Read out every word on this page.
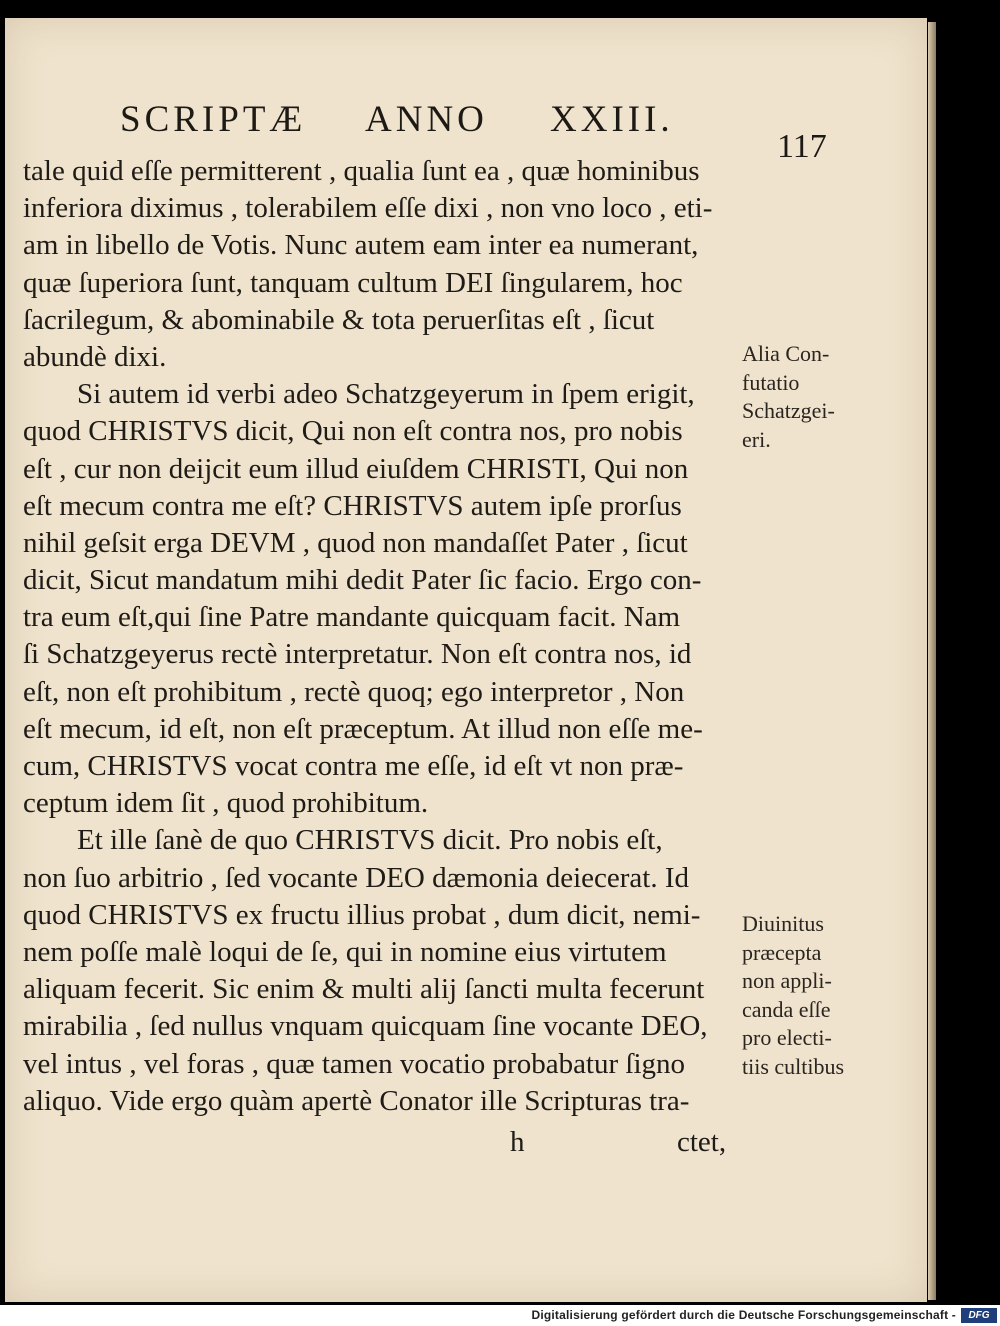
SCRIPTÆ ANNO XXIII.
117
tale quid eſſe permitterent , qualia ſunt ea , quæ hominibus
inferiora diximus , tolerabilem eſſe dixi , non vno loco , eti-
am in libello de Votis. Nunc autem eam inter ea numerant,
quæ ſuperiora ſunt, tanquam cultum DEI ſingularem, hoc
ſacrilegum, & abominabile & tota peruerſitas eſt , ſicut
abundè dixi.
Si autem id verbi adeo Schatzgeyerum in ſpem erigit,
quod CHRISTVS dicit, Qui non eſt contra nos, pro nobis
eſt , cur non deijcit eum illud eiuſdem CHRISTI, Qui non
eſt mecum contra me eſt? CHRISTVS autem ipſe prorſus
nihil geſsit erga DEVM , quod non mandaſſet Pater , ſicut
dicit, Sicut mandatum mihi dedit Pater ſic facio. Ergo con-
tra eum eſt,qui ſine Patre mandante quicquam facit. Nam
ſi Schatzgeyerus rectè interpretatur. Non eſt contra nos, id
eſt, non eſt prohibitum , rectè quoq; ego interpretor , Non
eſt mecum, id eſt, non eſt præceptum. At illud non eſſe me-
cum, CHRISTVS vocat contra me eſſe, id eſt vt non præ-
ceptum idem ſit , quod prohibitum.
Et ille ſanè de quo CHRISTVS dicit. Pro nobis eſt,
non ſuo arbitrio , ſed vocante DEO dæmonia deiecerat. Id
quod CHRISTVS ex fructu illius probat , dum dicit, nemi-
nem poſſe malè loqui de ſe, qui in nomine eius virtutem
aliquam fecerit. Sic enim & multi alij ſancti multa fecerunt
mirabilia , ſed nullus vnquam quicquam ſine vocante DEO,
vel intus , vel foras , quæ tamen vocatio probabatur ſigno
aliquo. Vide ergo quàm apertè Conator ille Scripturas tra-
h	ctet,
Alia Con-
futatio
Schatzgei-
eri.
Diuinitus
præcepta
non appli-
canda eſſe
pro electi-
tiis cultibus
Digitalisierung gefördert durch die Deutsche Forschungsgemeinschaft -	DFG
